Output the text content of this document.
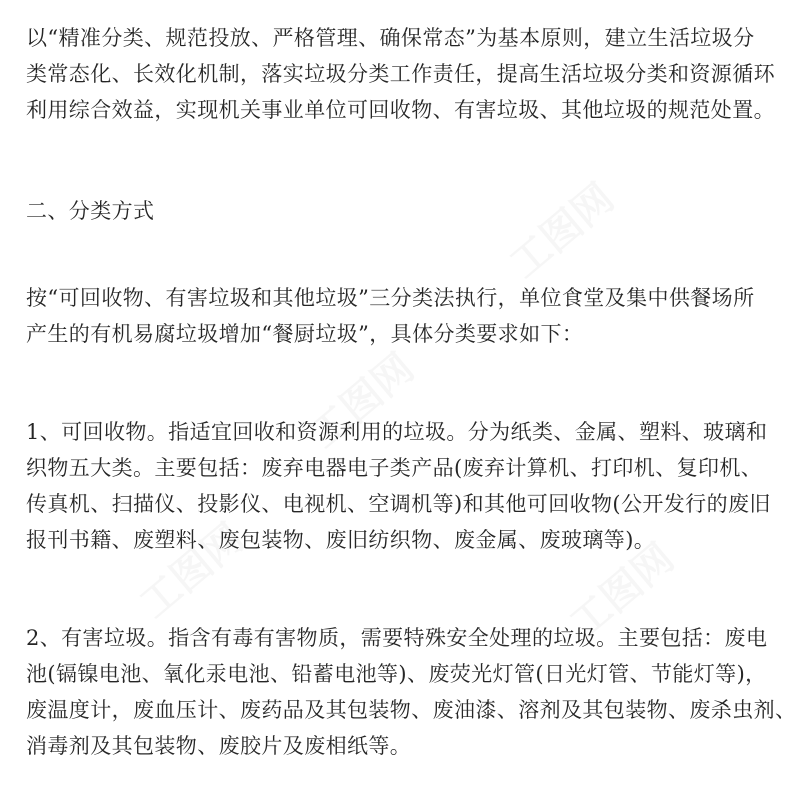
以“精准分类、规范投放、严格管理、确保常态”为基本原则，建立生活垃圾分
类常态化、长效化机制，落实垃圾分类工作责任，提高生活垃圾分类和资源循环
利用综合效益，实现机关事业单位可回收物、有害垃圾、其他垃圾的规范处置。
二、分类方式
按“可回收物、有害垃圾和其他垃圾”三分类法执行，单位食堂及集中供餐场所
产生的有机易腐垃圾增加“餐厨垃圾”，具体分类要求如下：
1、可回收物。指适宜回收和资源利用的垃圾。分为纸类、金属、塑料、玻璃和
织物五大类。主要包括：废弃电器电子类产品(废弃计算机、打印机、复印机、
传真机、扫描仪、投影仪、电视机、空调机等)和其他可回收物(公开发行的废旧
报刊书籍、废塑料、废包装物、废旧纺织物、废金属、废玻璃等)。
2、有害垃圾。指含有毒有害物质，需要特殊安全处理的垃圾。主要包括：废电
池(镉镍电池、氧化汞电池、铅蓄电池等)、废荧光灯管(日光灯管、节能灯等)，
废温度计，废血压计、废药品及其包装物、废油漆、溶剂及其包装物、废杀虫剂、
消毒剂及其包装物、废胶片及废相纸等。
